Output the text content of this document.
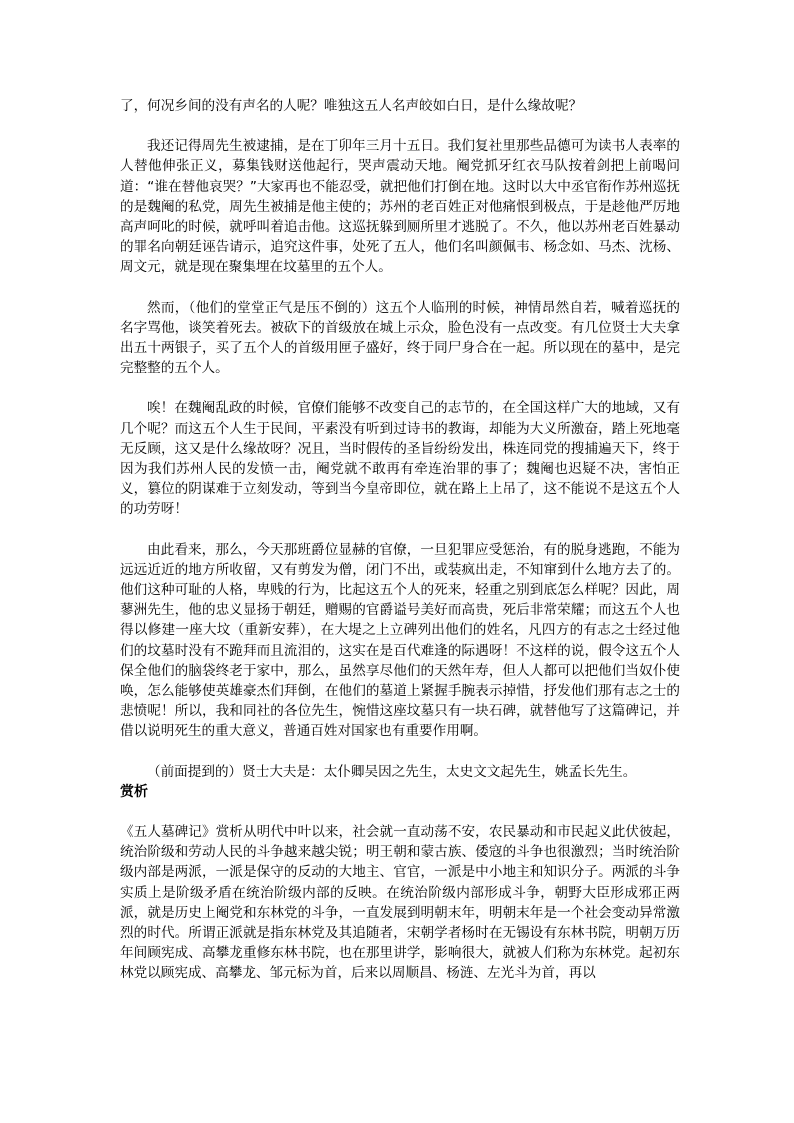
了，何况乡间的没有声名的人呢？唯独这五人名声皎如白日，是什么缘故呢？

我还记得周先生被逮捕，是在丁卯年三月十五日。我们复社里那些品德可为读书人表率的人替他伸张正义，募集钱财送他起行，哭声震动天地。阉党抓牙红衣马队按着剑把上前喝问道：“谁在替他哀哭？”大家再也不能忍受，就把他们打倒在地。这时以大中丞官衔作苏州巡抚的是魏阉的私党，周先生被捕是他主使的；苏州的老百姓正对他痛恨到极点，于是趁他严厉地高声呵叱的时候，就呼叫着追击他。这巡抚躲到厕所里才逃脱了。不久，他以苏州老百姓暴动的罪名向朝廷诬告请示，追究这件事，处死了五人，他们名叫颜佩韦、杨念如、马杰、沈杨、周文元，就是现在聚集埋在坟墓里的五个人。

然而，（他们的堂堂正气是压不倒的）这五个人临刑的时候，神情昂然自若，喊着巡抚的名字骂他，谈笑着死去。被砍下的首级放在城上示众，脸色没有一点改变。有几位贤士大夫拿出五十两银子，买了五个人的首级用匣子盛好，终于同尸身合在一起。所以现在的墓中，是完完整整的五个人。

唉！在魏阉乱政的时候，官僚们能够不改变自己的志节的，在全国这样广大的地域，又有几个呢？而这五个人生于民间，平素没有听到过诗书的教诲，却能为大义所激奋，踏上死地毫无反顾，这又是什么缘故呀？况且，当时假传的圣旨纷纷发出，株连同党的搜捕遍天下，终于因为我们苏州人民的发愤一击，阉党就不敢再有牵连治罪的事了；魏阉也迟疑不决，害怕正义，篡位的阴谋难于立刻发动，等到当今皇帝即位，就在路上上吊了，这不能说不是这五个人的功劳呀！

由此看来，那么，今天那班爵位显赫的官僚，一旦犯罪应受惩治，有的脱身逃跑，不能为远远近近的地方所收留，又有剪发为僧，闭门不出，或装疯出走，不知窜到什么地方去了的。他们这种可耻的人格，卑贱的行为，比起这五个人的死来，轻重之别到底怎么样呢？因此，周蓼洲先生，他的忠义显扬于朝廷，赠赐的官爵谥号美好而高贵，死后非常荣耀；而这五个人也得以修建一座大坟（重新安葬），在大堤之上立碑列出他们的姓名，凡四方的有志之士经过他们的坟墓时没有不跪拜而且流泪的，这实在是百代难逢的际遇呀！不这样的说，假令这五个人保全他们的脑袋终老于家中，那么，虽然享尽他们的天然年寿，但人人都可以把他们当奴仆使唤，怎么能够使英雄豪杰们拜倒，在他们的墓道上紧握手腕表示掉惜，抒发他们那有志之士的悲愤呢！所以，我和同社的各位先生，惋惜这座坟墓只有一块石碑，就替他写了这篇碑记，并借以说明死生的重大意义，普通百姓对国家也有重要作用啊。

（前面提到的）贤士大夫是：太仆卿吴因之先生，太史文文起先生，姚孟长先生。

赏析

《五人墓碑记》赏析从明代中叶以来，社会就一直动荡不安，农民暴动和市民起义此伏彼起，统治阶级和劳动人民的斗争越来越尖锐；明王朝和蒙古族、倭寇的斗争也很激烈；当时统治阶级内部是两派，一派是保守的反动的大地主、官官，一派是中小地主和知识分子。两派的斗争实质上是阶级矛盾在统治阶级内部的反映。在统治阶级内部形成斗争，朝野大臣形成邪正两派，就是历史上阉党和东林党的斗争，一直发展到明朝末年，明朝末年是一个社会变动异常激烈的时代。所谓正派就是指东林党及其追随者，宋朝学者杨时在无锡设有东林书院，明朝万历年间顾宪成、高攀龙重修东林书院，也在那里讲学，影响很大，就被人们称为东林党。起初东林党以顾宪成、高攀龙、邹元标为首，后来以周顺昌、杨涟、左光斗为首，再以
